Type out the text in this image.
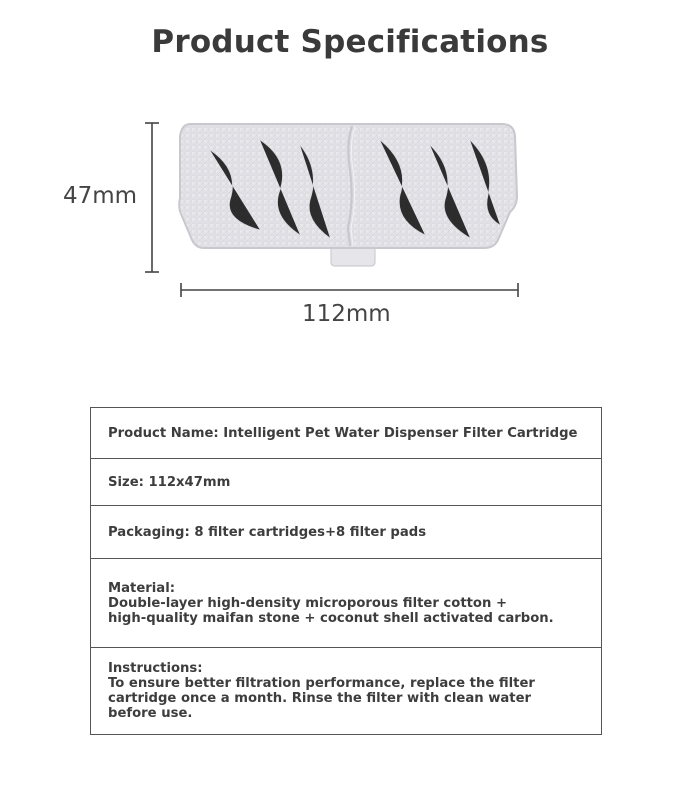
Product Specifications
47mm
112mm
Product Name: Intelligent Pet Water Dispenser Filter Cartridge
Size: 112x47mm
Packaging: 8 filter cartridges+8 filter pads
Material:
Double-layer high-density microporous filter cotton +
high-quality maifan stone + coconut shell activated carbon.
Instructions:
To ensure better filtration performance, replace the filter
cartridge once a month. Rinse the filter with clean water
before use.
